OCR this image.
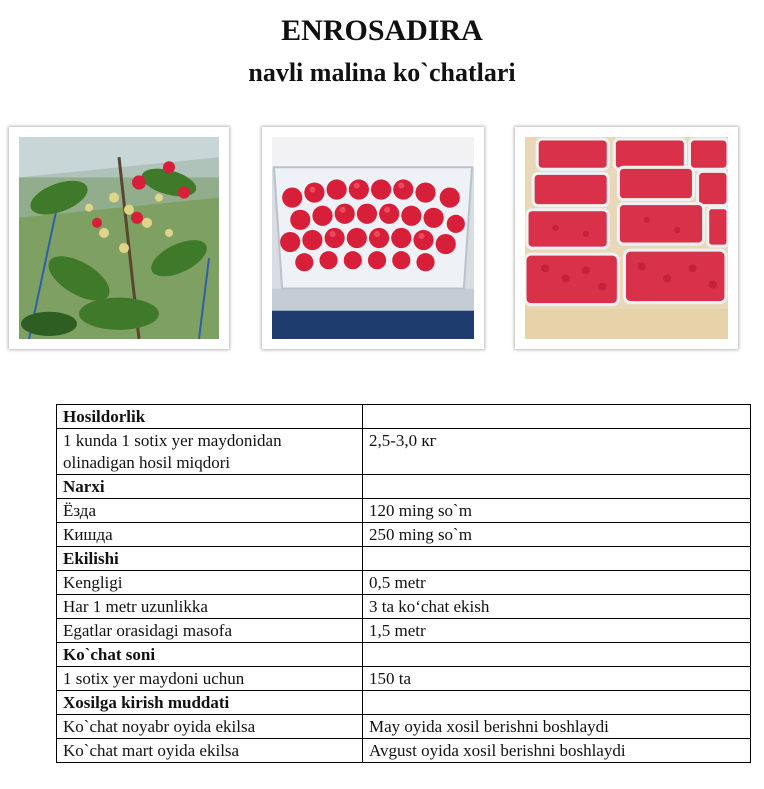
ENROSADIRA
navli malina ko`chatlari
Hosildorlik	
1 kunda 1 sotix yer maydonidan olinadigan hosil miqdori	2,5-3,0 кг
Narxi	
Ёзда	120 ming so`m
Кишда	250 ming so`m
Ekilishi	
Kengligi	0,5 metr
Har 1 metr uzunlikka	3 ta ko‘chat ekish
Egatlar orasidagi masofa	1,5 metr
Ko`chat soni	
1 sotix yer maydoni uchun	150 ta
Xosilga kirish muddati	
Ko`chat noyabr oyida ekilsa	May oyida xosil berishni boshlaydi
Ko`chat mart oyida ekilsa	Avgust oyida xosil berishni boshlaydi
